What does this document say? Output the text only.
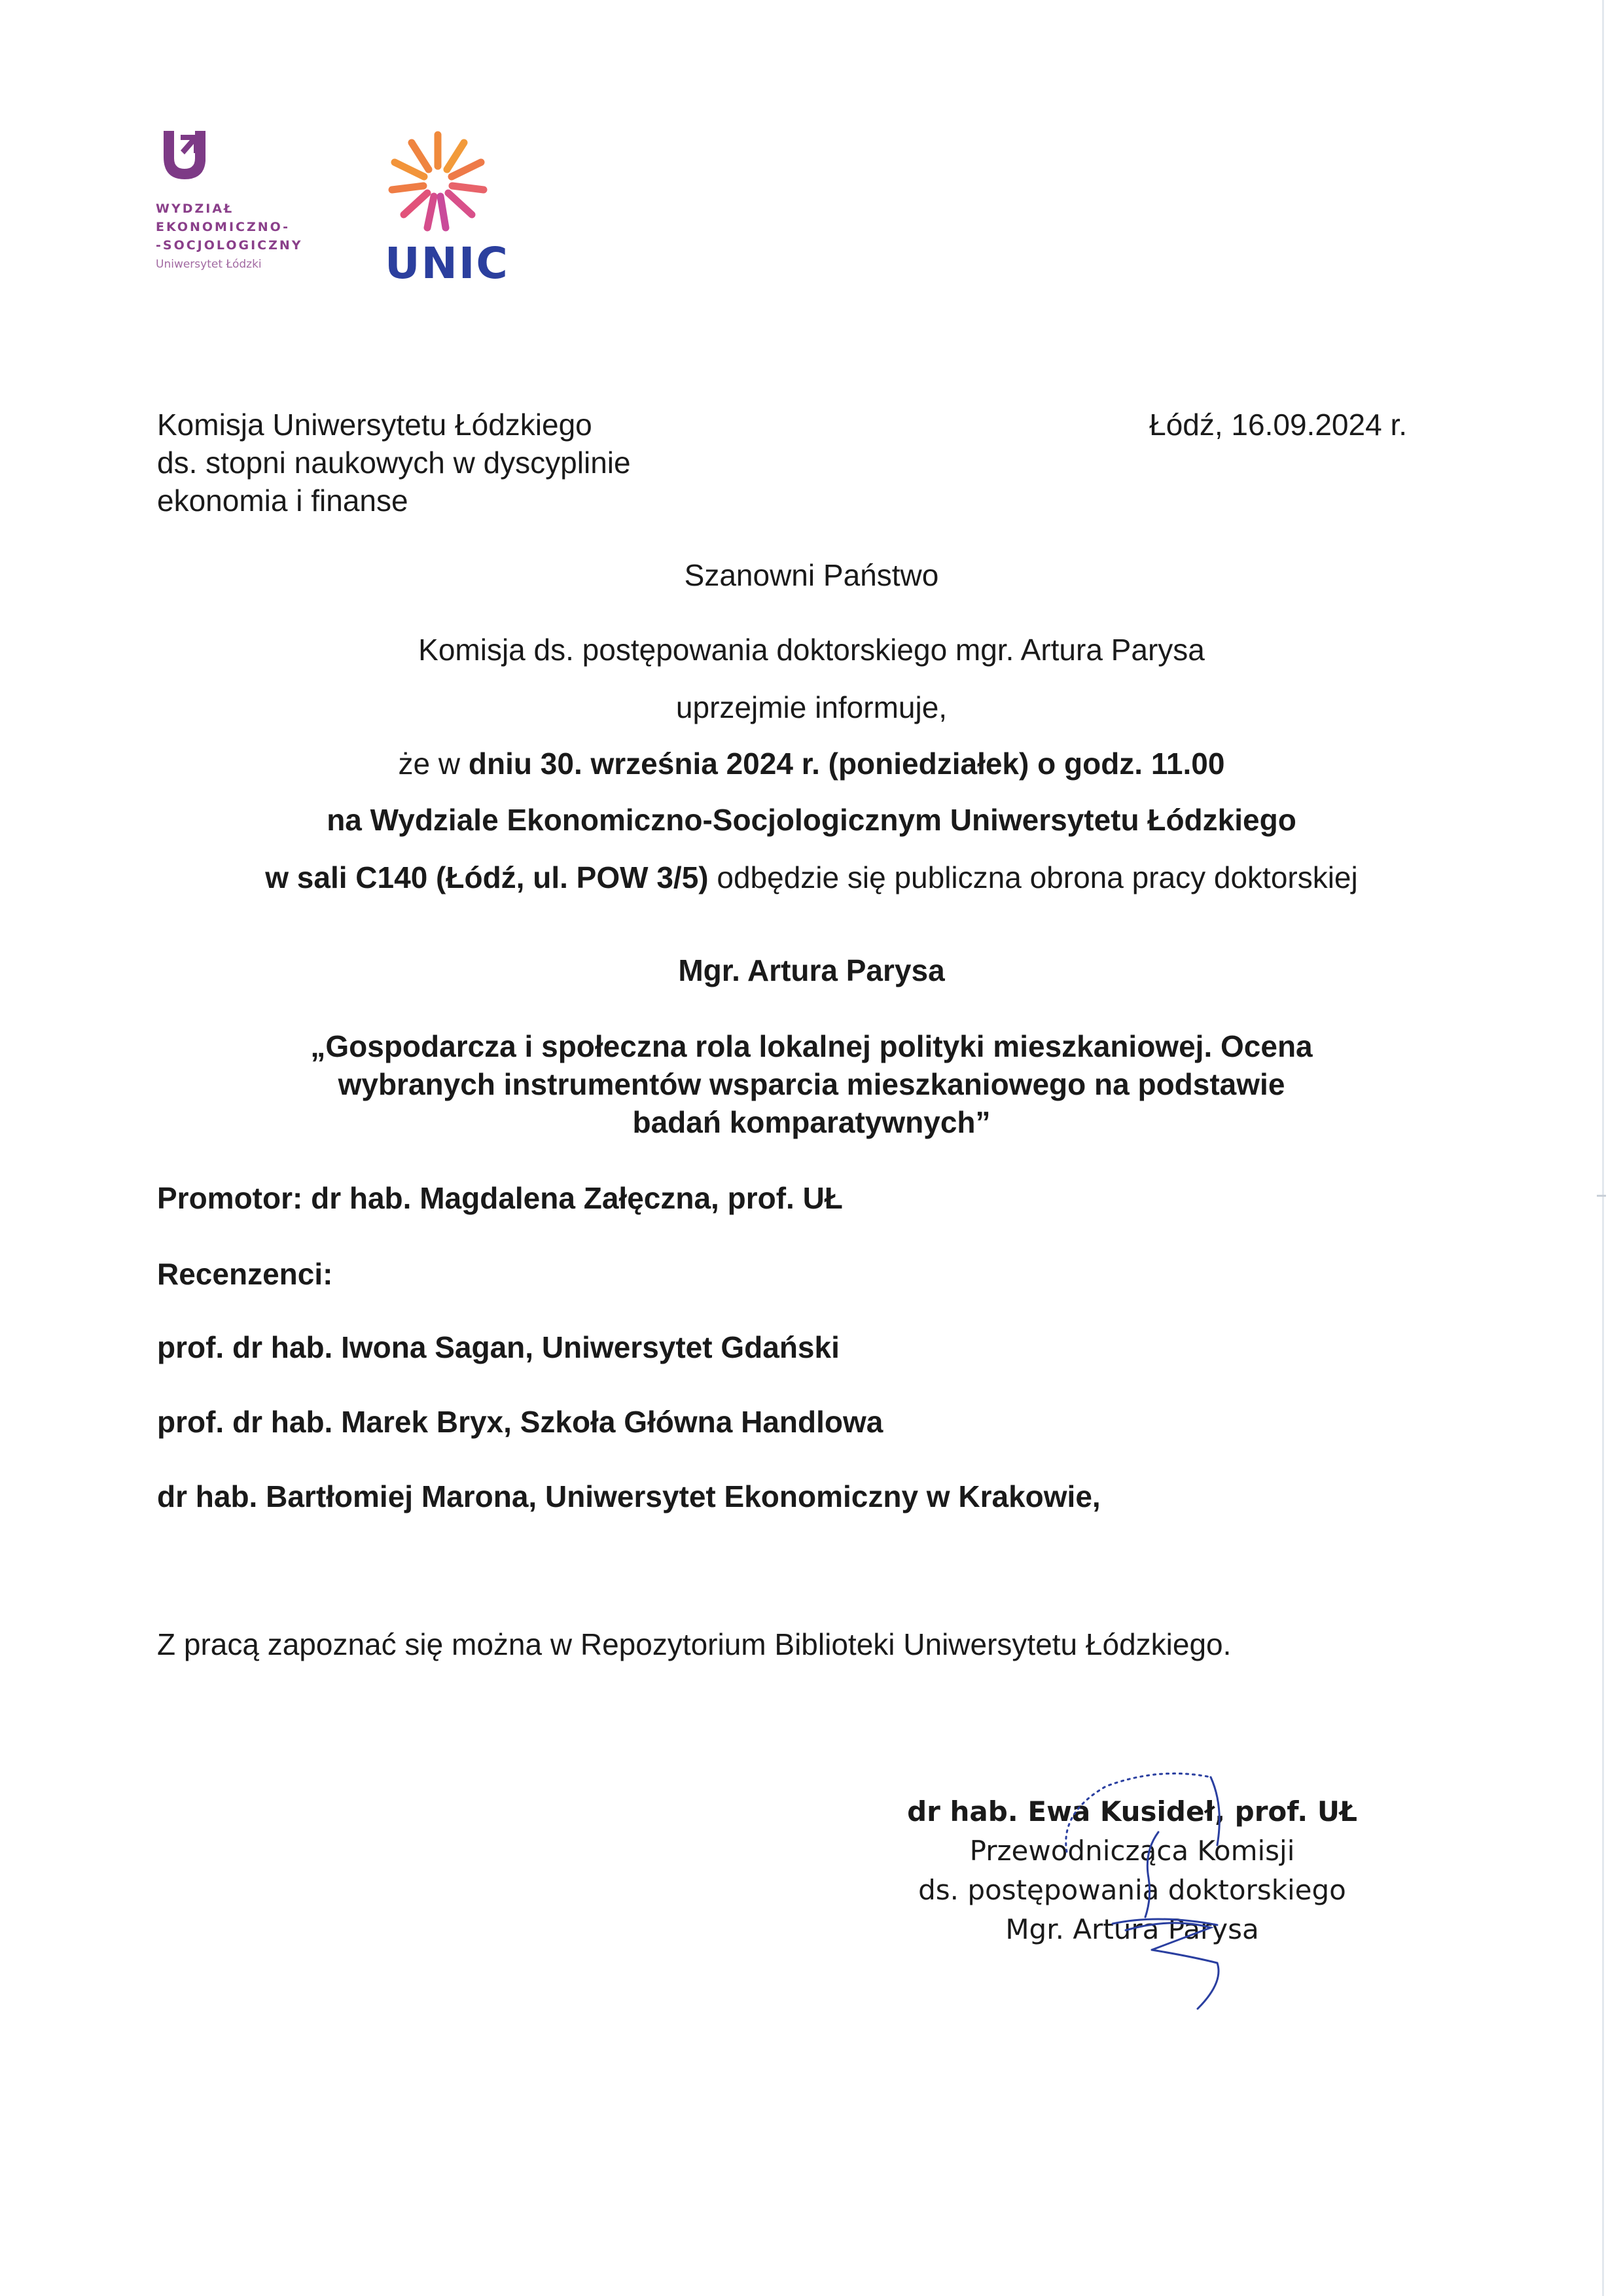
WYDZIAŁ
EKONOMICZNO-
-SOCJOLOGICZNY
Uniwersytet Łódzki	UNIC
Komisja Uniwersytetu Łódzkiego
ds. stopni naukowych w dyscyplinie
ekonomia i finanse
Łódź, 16.09.2024 r.
Szanowni Państwo
Komisja ds. postępowania doktorskiego mgr. Artura Parysa
uprzejmie informuje,
że w dniu 30. września 2024 r. (poniedziałek) o godz. 11.00
na Wydziale Ekonomiczno-Socjologicznym Uniwersytetu Łódzkiego
w sali C140 (Łódź, ul. POW 3/5) odbędzie się publiczna obrona pracy doktorskiej
Mgr. Artura Parysa
„Gospodarcza i społeczna rola lokalnej polityki mieszkaniowej. Ocena
wybranych instrumentów wsparcia mieszkaniowego na podstawie
badań komparatywnych”
Promotor: dr hab. Magdalena Załęczna, prof. UŁ
Recenzenci:
prof. dr hab. Iwona Sagan, Uniwersytet Gdański
prof. dr hab. Marek Bryx, Szkoła Główna Handlowa
dr hab. Bartłomiej Marona, Uniwersytet Ekonomiczny w Krakowie,
Z pracą zapoznać się można w Repozytorium Biblioteki Uniwersytetu Łódzkiego.
dr hab. Ewa Kusideł, prof. UŁ
Przewodnicząca Komisji
ds. postępowania doktorskiego
Mgr. Artura Parysa
